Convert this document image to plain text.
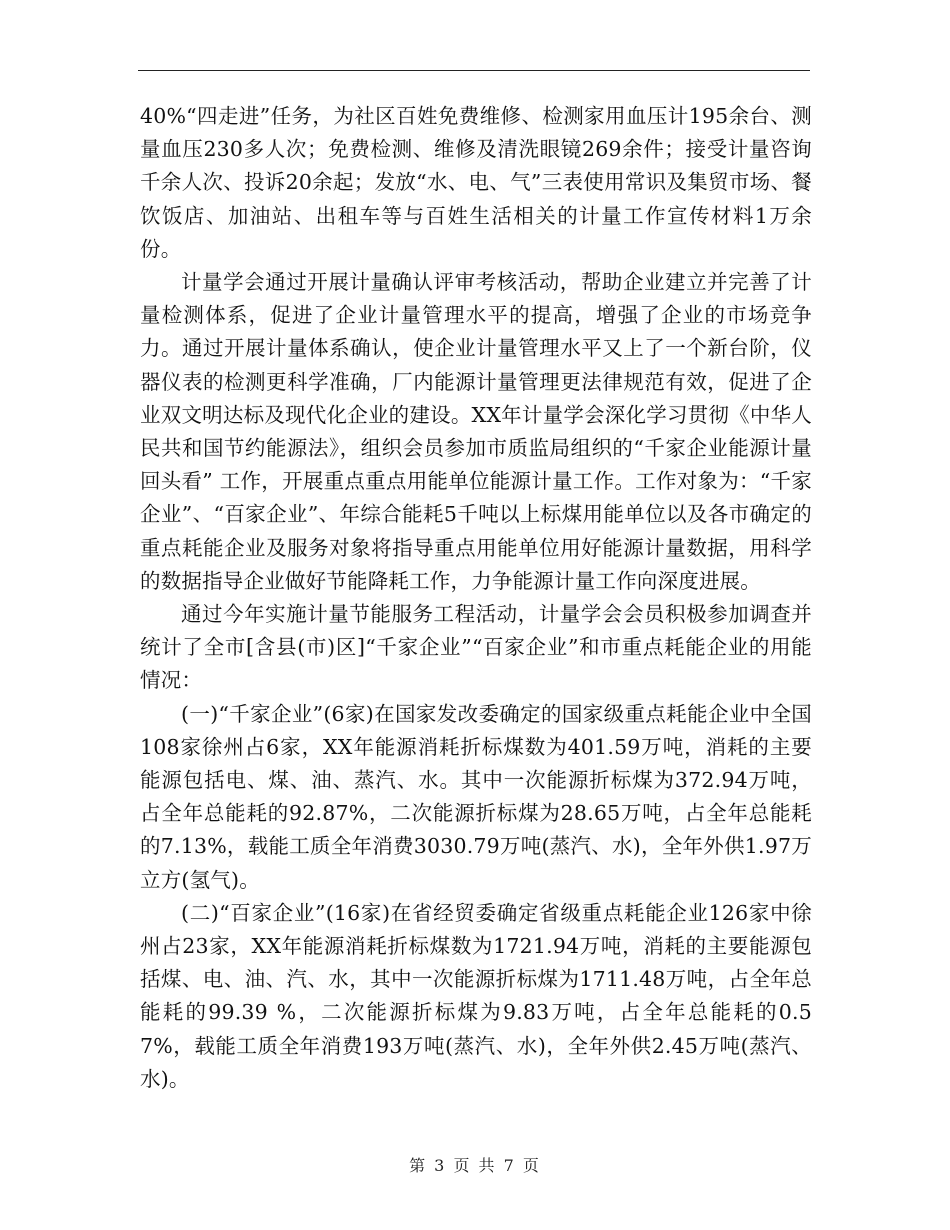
40%“四走进”任务，为社区百姓免费维修、检测家用血压计195余台、测量血压230多人次；免费检测、维修及清洗眼镜269余件；接受计量咨询千余人次、投诉20余起；发放“水、电、气”三表使用常识及集贸市场、餐饮饭店、加油站、出租车等与百姓生活相关的计量工作宣传材料1万余份。

计量学会通过开展计量确认评审考核活动，帮助企业建立并完善了计量检测体系，促进了企业计量管理水平的提高，增强了企业的市场竞争力。通过开展计量体系确认，使企业计量管理水平又上了一个新台阶，仪器仪表的检测更科学准确，厂内能源计量管理更法律规范有效，促进了企业双文明达标及现代化企业的建设。XX年计量学会深化学习贯彻《中华人民共和国节约能源法》，组织会员参加市质监局组织的“千家企业能源计量回头看” 工作，开展重点重点用能单位能源计量工作。工作对象为：“千家企业”、“百家企业”、年综合能耗5千吨以上标煤用能单位以及各市确定的重点耗能企业及服务对象将指导重点用能单位用好能源计量数据，用科学的数据指导企业做好节能降耗工作，力争能源计量工作向深度进展。

通过今年实施计量节能服务工程活动，计量学会会员积极参加调查并统计了全市[含县(市)区]“千家企业”“百家企业”和市重点耗能企业的用能情况：

(一)“千家企业”(6家)在国家发改委确定的国家级重点耗能企业中全国108家徐州占6家，XX年能源消耗折标煤数为401.59万吨，消耗的主要能源包括电、煤、油、蒸汽、水。其中一次能源折标煤为372.94万吨，占全年总能耗的92.87%，二次能源折标煤为28.65万吨，占全年总能耗的7.13%，载能工质全年消费3030.79万吨(蒸汽、水)，全年外供1.97万立方(氢气)。

(二)“百家企业”(16家)在省经贸委确定省级重点耗能企业126家中徐州占23家，XX年能源消耗折标煤数为1721.94万吨，消耗的主要能源包括煤、电、油、汽、水，其中一次能源折标煤为1711.48万吨，占全年总能耗的99.39 %，二次能源折标煤为9.83万吨，占全年总能耗的0.57%，载能工质全年消费193万吨(蒸汽、水)，全年外供2.45万吨(蒸汽、水)。

第 3 页 共 7 页
